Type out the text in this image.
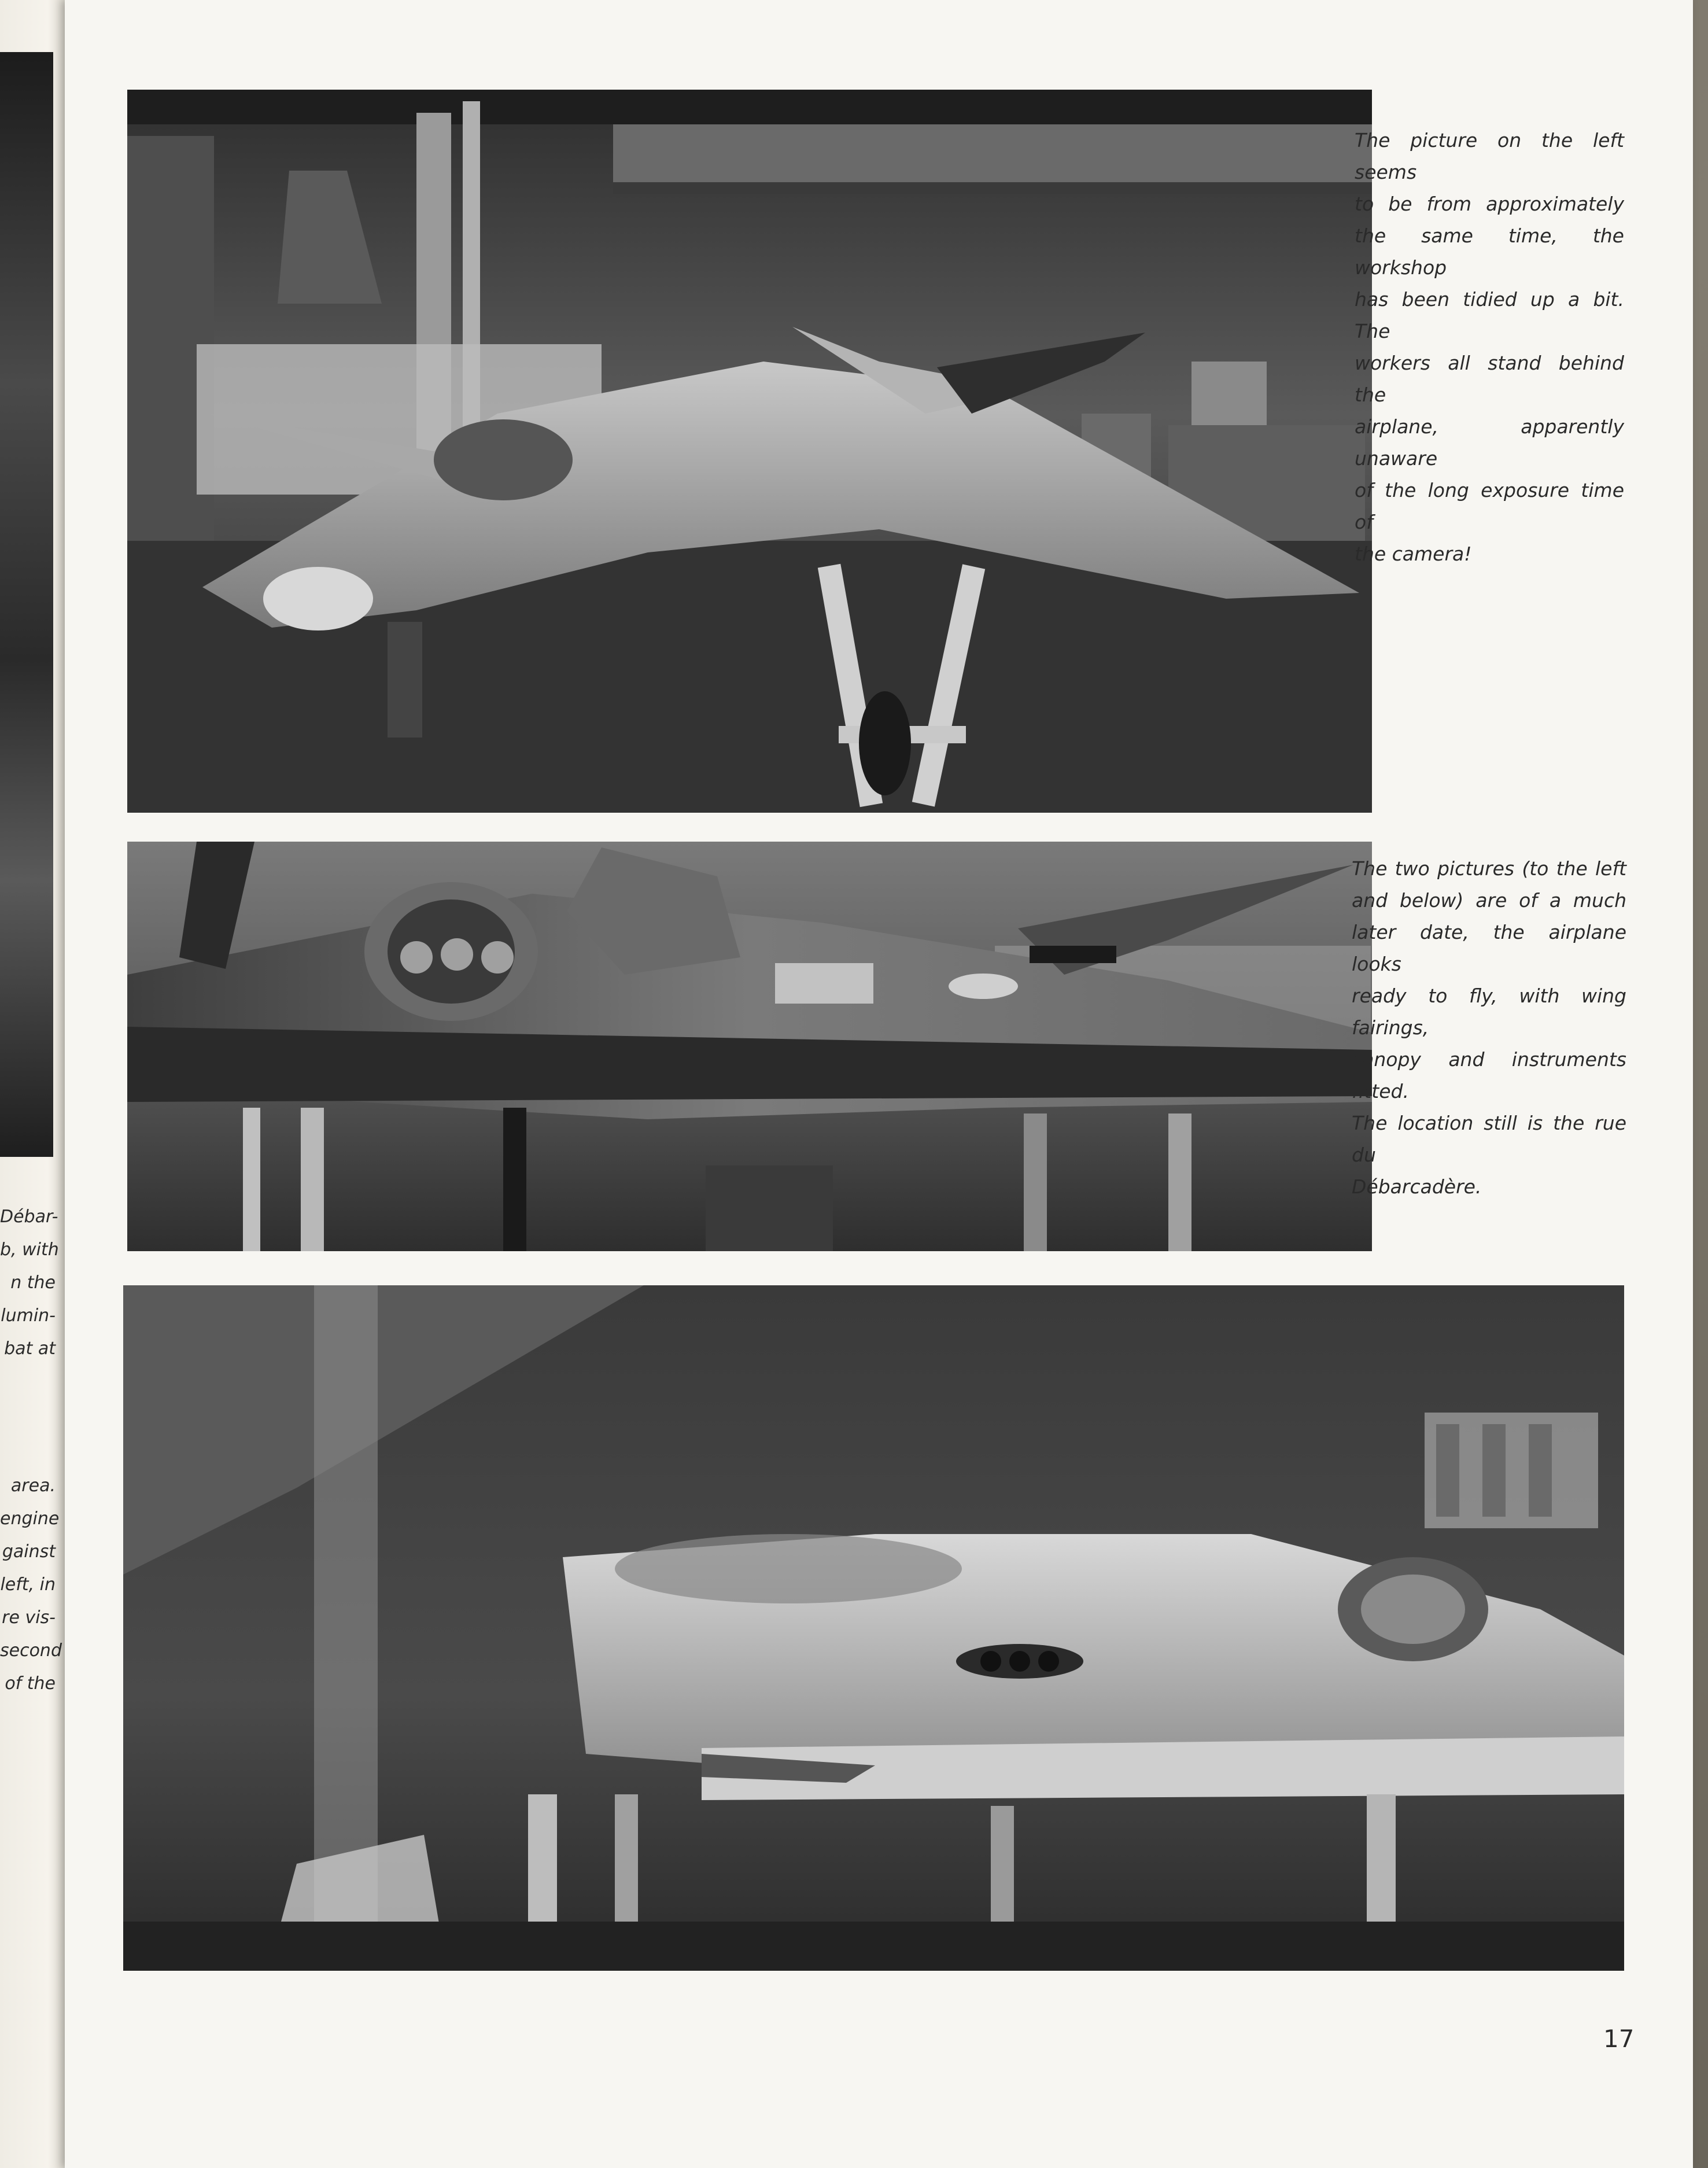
Débar-
b, with
n the
lumin-
bat at
area.
engine
gainst
left, in
re vis-
second
of the
The picture on the left seems
to be from approximately
the same time, the workshop
has been tidied up a bit. The
workers all stand behind the
airplane, apparently unaware
of the long exposure time of
the camera!
The two pictures (to the left
and below) are of a much
later date, the airplane looks
ready to fly, with wing fairings,
canopy and instruments fitted.
The location still is the rue du
Débarcadère.
17
